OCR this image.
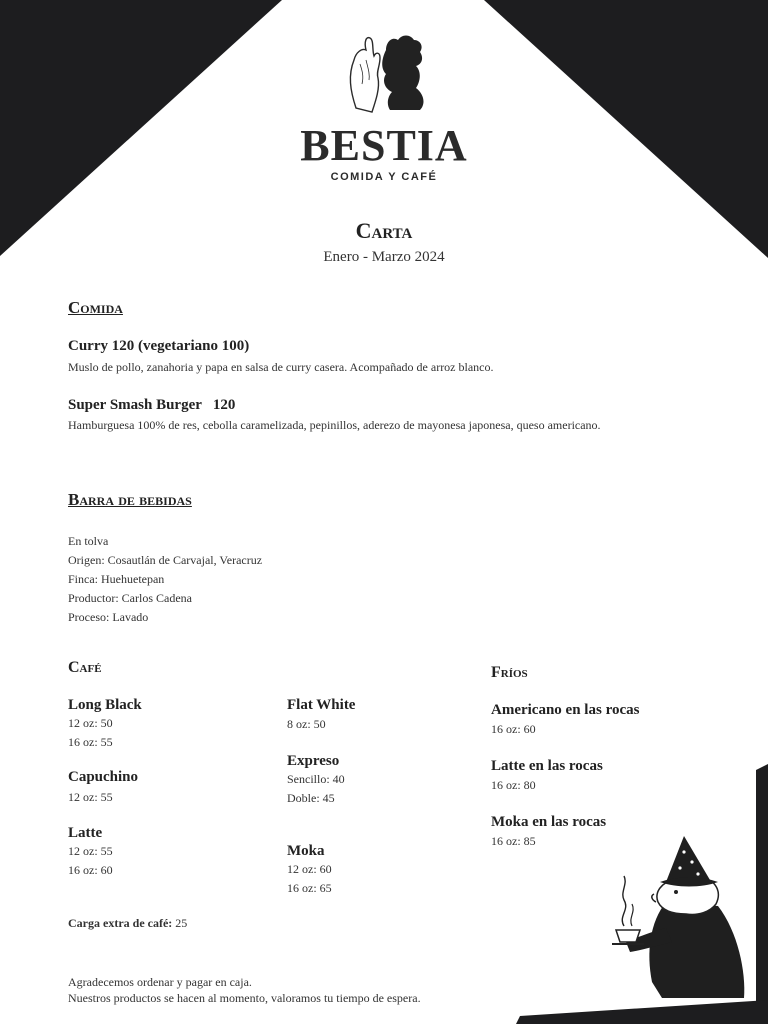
BESTIA
COMIDA Y CAFÉ
Carta
Enero - Marzo 2024
Comida
Curry 120 (vegetariano 100)
Muslo de pollo, zanahoria y papa en salsa de curry casera. Acompañado de arroz blanco.
Super Smash Burger   120
Hamburguesa 100% de res, cebolla caramelizada, pepinillos, aderezo de mayonesa japonesa, queso americano.
Barra de bebidas
En tolva
Origen: Cosautlán de Carvajal, Veracruz
Finca: Huehuetepan
Productor: Carlos Cadena
Proceso: Lavado
Café
Long Black
12 oz: 50
16 oz: 55
Capuchino
12 oz: 55
Latte
12 oz: 55
16 oz: 60
Flat White
8 oz: 50
Expreso
Sencillo: 40
Doble: 45
Moka
12 oz: 60
16 oz: 65
Carga extra de café: 25
Fríos
Americano en las rocas
16 oz: 60
Latte en las rocas
16 oz: 80
Moka en las rocas
16 oz: 85
Agradecemos ordenar y pagar en caja.
Nuestros productos se hacen al momento, valoramos tu tiempo de espera.
